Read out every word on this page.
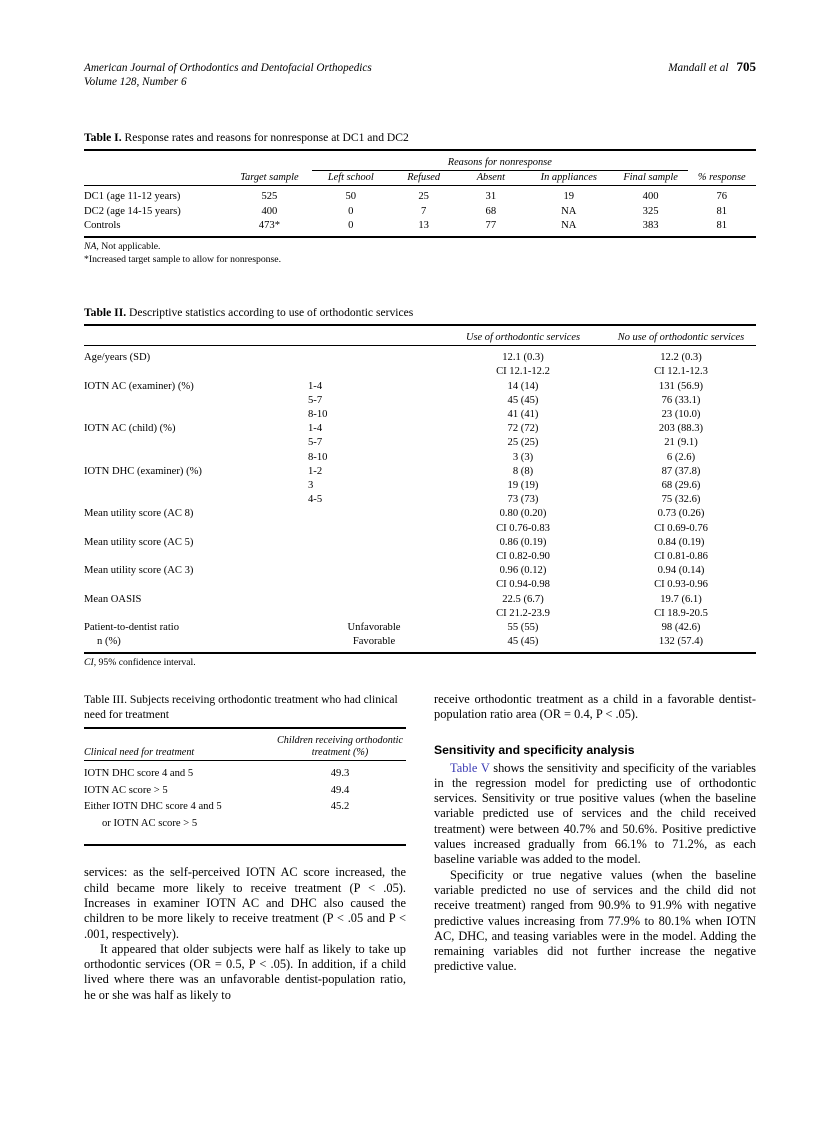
American Journal of Orthodontics and Dentofacial Orthopedics	Mandall et al 705
Volume 128, Number 6
Table I. Response rates and reasons for nonresponse at DC1 and DC2

		Reasons for nonresponse					
	Target sample	Left school	Refused	Absent	In appliances	Final sample	% response

DC1 (age 11-12 years)	525	50	25	31	19	400	76
DC2 (age 14-15 years)	400	0	7	68	NA	325	81
Controls	473*	0	13	77	NA	383	81

NA, Not applicable.
*Increased target sample to allow for nonresponse.
Table II. Descriptive statistics according to use of orthodontic services

		Use of orthodontic services	No use of orthodontic services

Age/years (SD)		12.1 (0.3)	12.2 (0.3)
		CI 12.1-12.2	CI 12.1-12.3
IOTN AC (examiner) (%)	1-4	14 (14)	131 (56.9)
	5-7	45 (45)	76 (33.1)
	8-10	41 (41)	23 (10.0)
IOTN AC (child) (%)	1-4	72 (72)	203 (88.3)
	5-7	25 (25)	21 (9.1)
	8-10	3 (3)	6 (2.6)
IOTN DHC (examiner) (%)	1-2	8 (8)	87 (37.8)
	3	19 (19)	68 (29.6)
	4-5	73 (73)	75 (32.6)
Mean utility score (AC 8)		0.80 (0.20)	0.73 (0.26)
		CI 0.76-0.83	CI 0.69-0.76
Mean utility score (AC 5)		0.86 (0.19)	0.84 (0.19)
		CI 0.82-0.90	CI 0.81-0.86
Mean utility score (AC 3)		0.96 (0.12)	0.94 (0.14)
		CI 0.94-0.98	CI 0.93-0.96
Mean OASIS		22.5 (6.7)	19.7 (6.1)
		CI 21.2-23.9	CI 18.9-20.5
Patient-to-dentist ratio	Unfavorable	55 (55)	98 (42.6)
n (%)	Favorable	45 (45)	132 (57.4)

CI, 95% confidence interval.
Table III. Subjects receiving orthodontic treatment who had clinical need for treatment

Clinical need for treatment	Children receiving orthodontic
treatment (%)

IOTN DHC score 4 and 5	49.3
IOTN AC score > 5	49.4
Either IOTN DHC score 4 and 5	45.2
or IOTN AC score > 5	

services: as the self-perceived IOTN AC score increased, the child became more likely to receive treatment (P < .05). Increases in examiner IOTN AC and DHC also caused the children to be more likely to receive treatment (P < .05 and P < .001, respectively).

It appeared that older subjects were half as likely to take up orthodontic services (OR = 0.5, P < .05). In addition, if a child lived where there was an unfavorable dentist-population ratio, he or she was half as likely to

receive orthodontic treatment as a child in a favorable dentist-population ratio area (OR = 0.4, P < .05).

Sensitivity and specificity analysis

Table V shows the sensitivity and specificity of the variables in the regression model for predicting use of orthodontic services. Sensitivity or true positive values (when the baseline variable predicted use of services and the child received treatment) were between 40.7% and 50.6%. Positive predictive values increased gradually from 66.1% to 71.2%, as each baseline variable was added to the model.

Specificity or true negative values (when the baseline variable predicted no use of services and the child did not receive treatment) ranged from 90.9% to 91.9% with negative predictive values increasing from 77.9% to 80.1% when IOTN AC, DHC, and teasing variables were in the model. Adding the remaining variables did not further increase the negative predictive value.
